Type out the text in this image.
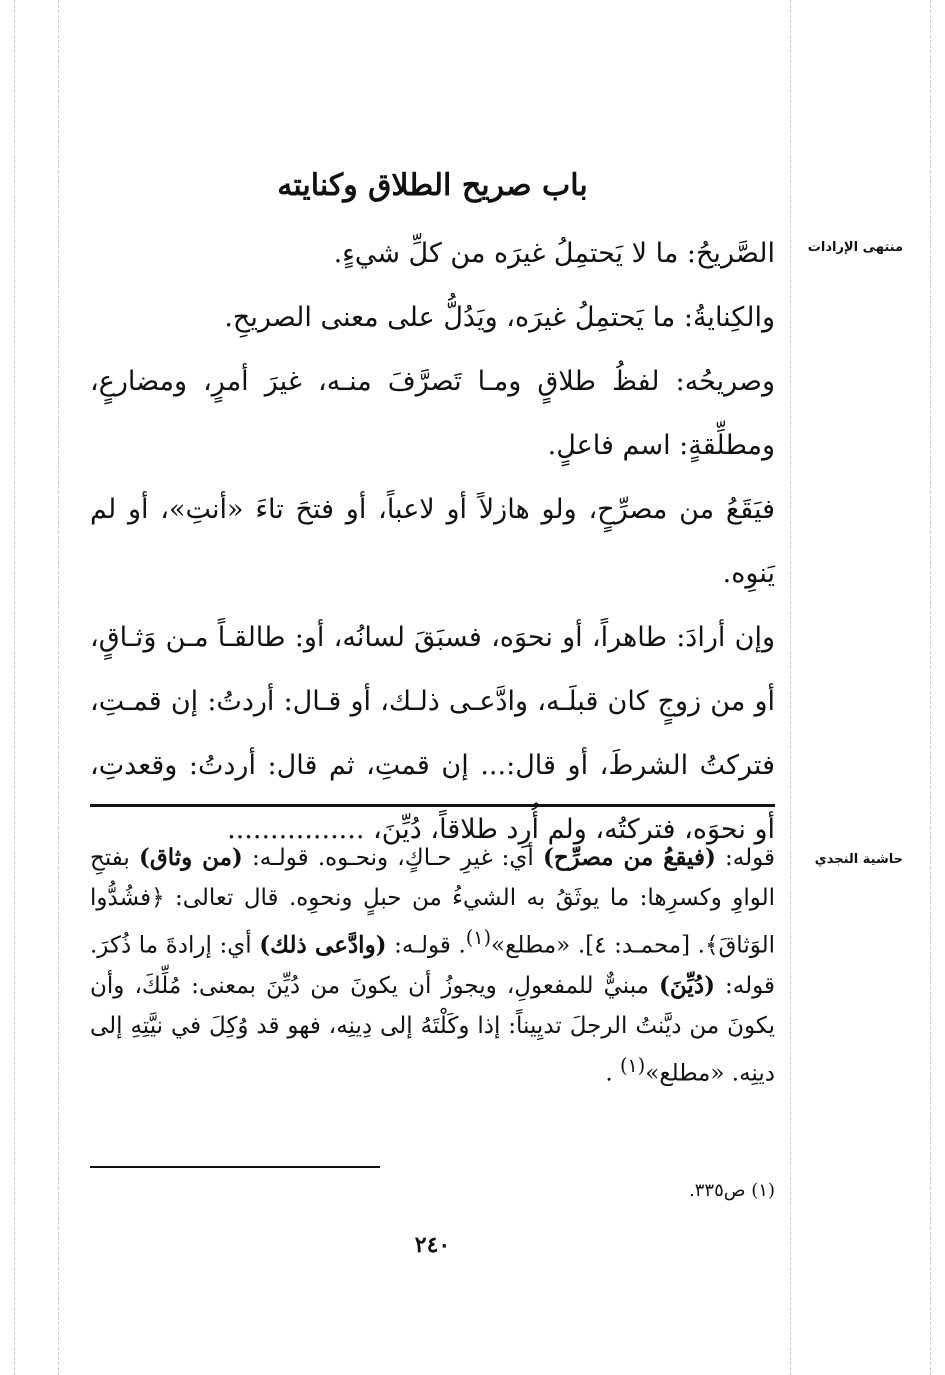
منتهى الإرادات
حاشية النجدي
باب صريح الطلاق وكنايته

الصَّريحُ: ما لا يَحتمِلُ غيرَه من كلِّ شيءٍ.

والكِنايةُ: ما يَحتمِلُ غيرَه، ويَدُلُّ على معنى الصريحِ.

وصريحُه: لفظُ طلاقٍ ومـا تَصرَّفَ منـه، غيرَ أمرٍ، ومضارعٍ، ومطلِّقةٍ: اسم فاعلٍ.

فيَقَعُ من مصرِّحٍ، ولو هازلاً أو لاعباً، أو فتحَ تاءَ «أنتِ»، أو لم يَنوِه.

وإن أرادَ: طاهراً، أو نحوَه، فسبَقَ لسانُه، أو: طالقـاً مـن وَثـاقٍ، أو من زوجٍ كان قبلَـه، وادَّعـى ذلـك، أو قـال: أردتُ: إن قمـتِ، فتركتُ الشرطَ، أو قال:... إن قمتِ، ثم قال: أردتُ: وقعدتِ، أو نحوَه، فتركتُه، ولم أُرِد طلاقاً، دُيِّنَ، ................

قوله: (فيقعُ من مصرِّح) أي: غيرِ حـاكٍ، ونحـوه. قولـه: (من وثاق) بفتحِ الواوِ وكسرِها: ما يوثَقُ به الشيءُ من حبلٍ ونحوِه. قال تعالى: ﴿فشُدُّوا الوَثاقَ﴾. [محمـد: ٤]. «مطلع»$^{(١)}$. قولـه: (وادَّعى ذلك) أي: إرادةَ ما ذُكرَ. قوله: (دُيِّنَ) مبنيٌّ للمفعولِ، ويجوزُ أن يكونَ من دُيِّنَ بمعنى: مُلِّكَ، وأن يكونَ من ديَّنتُ الرجلَ تديِيناً: إذا وكَلْتَهُ إلى دِينِه، فهو قد وُكِلَ في نيَّتِهِ إلى دينِه. «مطلع»$^{(١)}$ .
(١) ص٣٣٥.
٢٤٠
